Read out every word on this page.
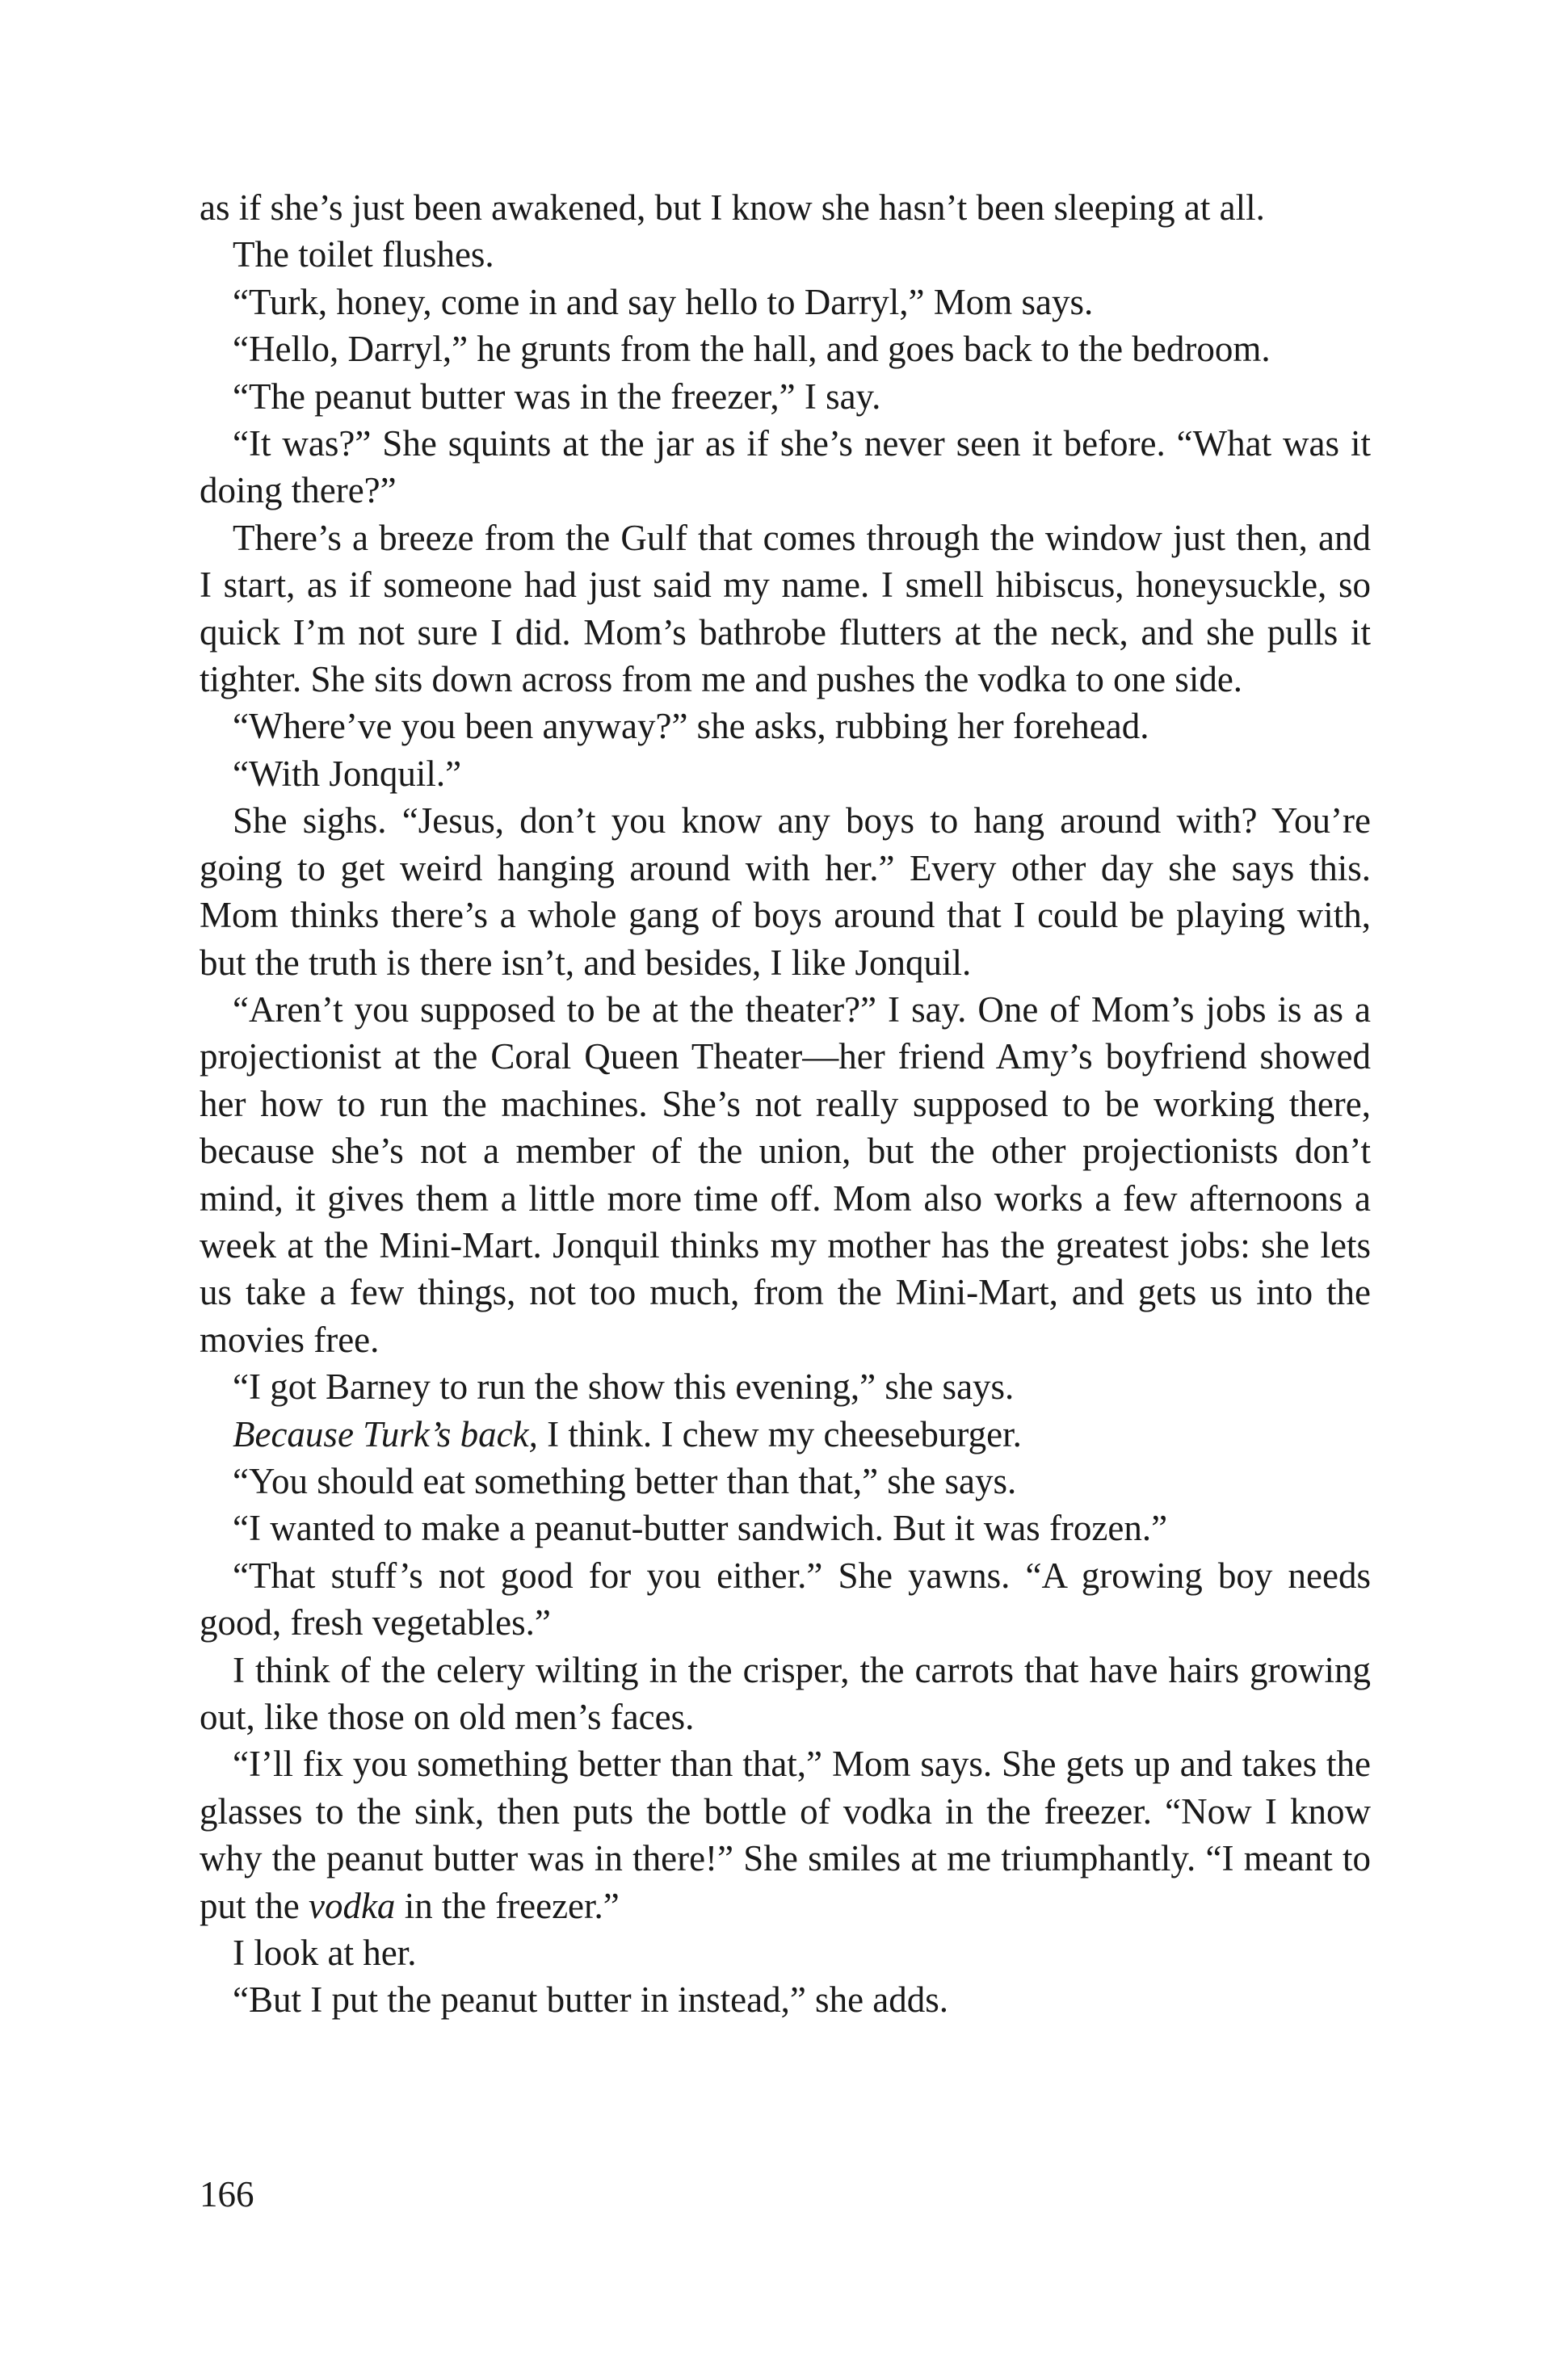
as if she’s just been awakened, but I know she hasn’t been sleeping at all.

The toilet flushes.

“Turk, honey, come in and say hello to Darryl,” Mom says.

“Hello, Darryl,” he grunts from the hall, and goes back to the bedroom.

“The peanut butter was in the freezer,” I say.

“It was?” She squints at the jar as if she’s never seen it before. “What was it doing there?”

There’s a breeze from the Gulf that comes through the window just then, and I start, as if someone had just said my name. I smell hibiscus, honeysuckle, so quick I’m not sure I did. Mom’s bathrobe flutters at the neck, and she pulls it tighter. She sits down across from me and pushes the vodka to one side.

“Where’ve you been anyway?” she asks, rubbing her forehead.

“With Jonquil.”

She sighs. “Jesus, don’t you know any boys to hang around with? You’re going to get weird hanging around with her.” Every other day she says this. Mom thinks there’s a whole gang of boys around that I could be playing with, but the truth is there isn’t, and besides, I like Jonquil.

“Aren’t you supposed to be at the theater?” I say. One of Mom’s jobs is as a projectionist at the Coral Queen Theater—her friend Amy’s boyfriend showed her how to run the machines. She’s not really supposed to be working there, because she’s not a member of the union, but the other projectionists don’t mind, it gives them a little more time off. Mom also works a few afternoons a week at the Mini-Mart. Jonquil thinks my mother has the greatest jobs: she lets us take a few things, not too much, from the Mini-Mart, and gets us into the movies free.

“I got Barney to run the show this evening,” she says.

Because Turk’s back, I think. I chew my cheeseburger.

“You should eat something better than that,” she says.

“I wanted to make a peanut-butter sandwich. But it was frozen.”

“That stuff’s not good for you either.” She yawns. “A growing boy needs good, fresh vegetables.”

I think of the celery wilting in the crisper, the carrots that have hairs growing out, like those on old men’s faces.

“I’ll fix you something better than that,” Mom says. She gets up and takes the glasses to the sink, then puts the bottle of vodka in the freezer. “Now I know why the peanut butter was in there!” She smiles at me triumphantly. “I meant to put the vodka in the freezer.”

I look at her.

“But I put the peanut butter in instead,” she adds.

166
